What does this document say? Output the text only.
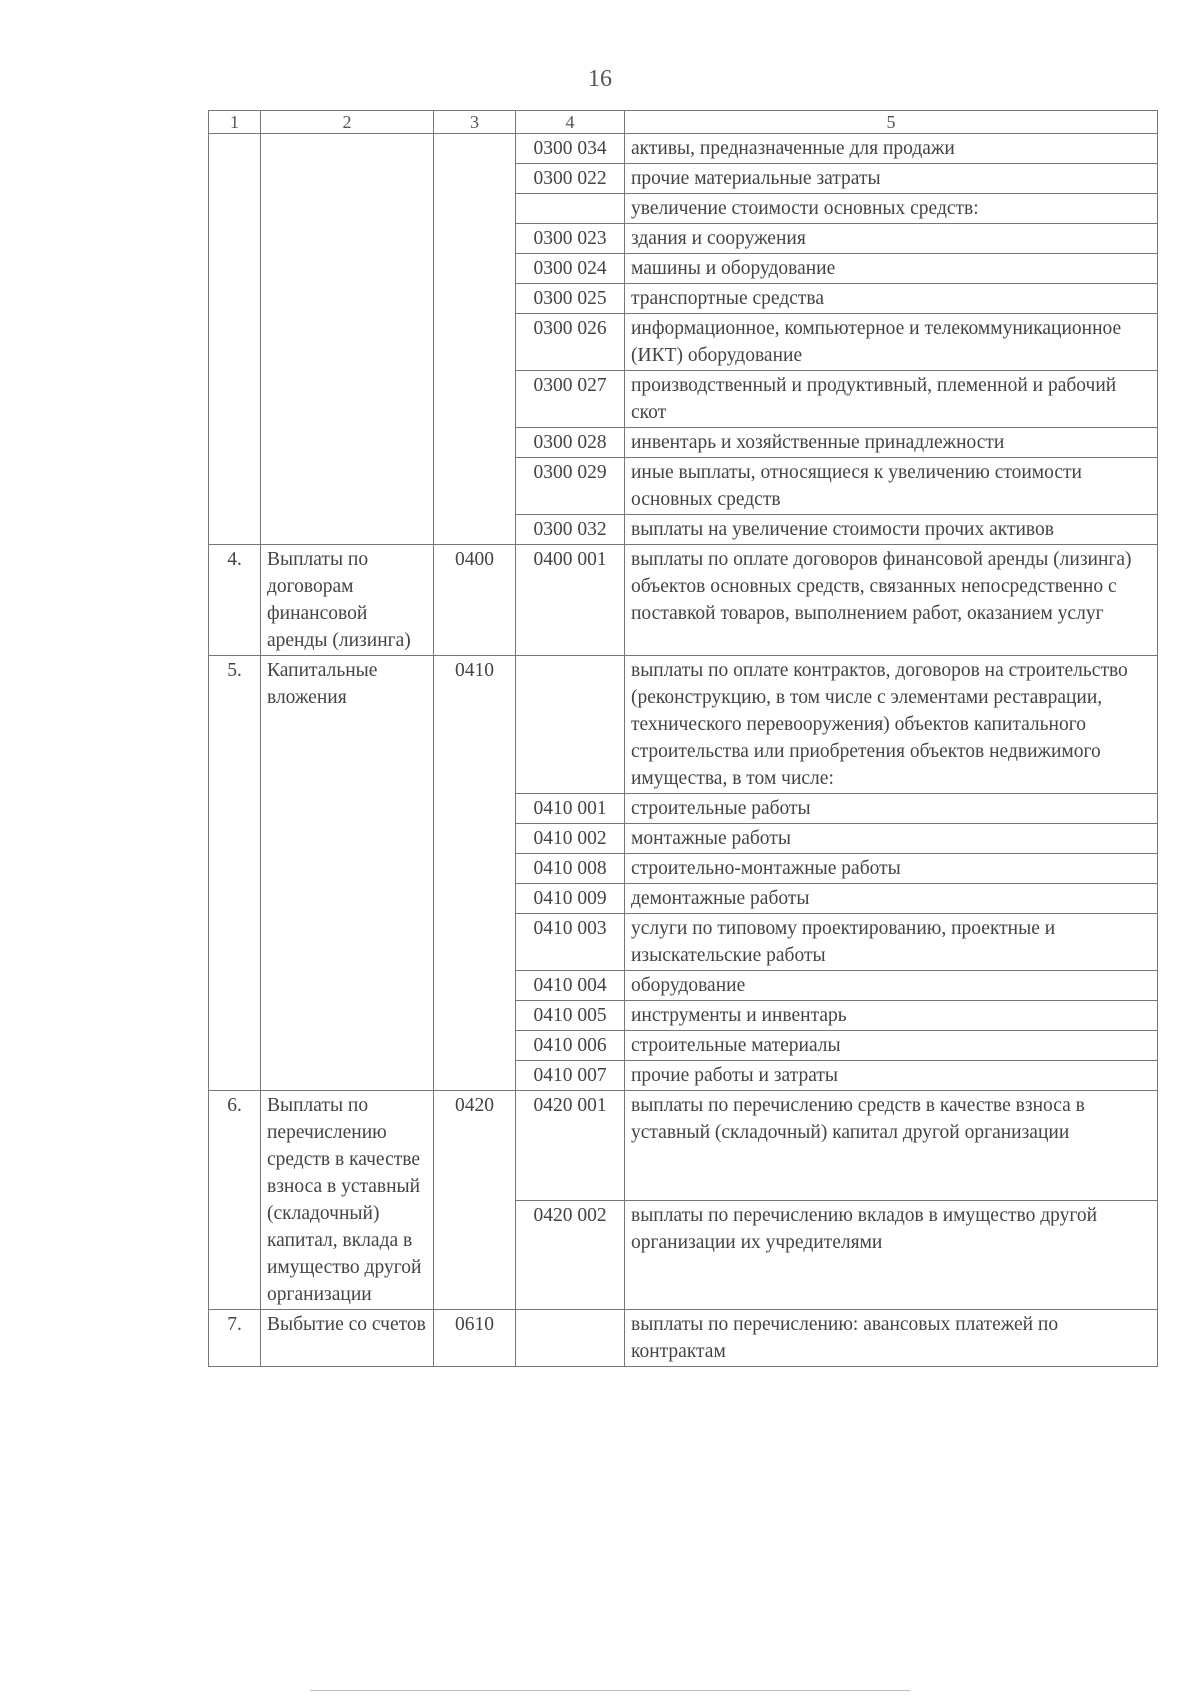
16
1	2	3	4	5
			0300 034	активы, предназначенные для продажи
			0300 022	прочие материальные затраты
				увеличение стоимости основных средств:
			0300 023	здания и сооружения
			0300 024	машины и оборудование
			0300 025	транспортные средства
			0300 026	информационное, компьютерное и телекоммуникационное (ИКТ) оборудование
			0300 027	производственный и продуктивный, племенной и рабочий скот
			0300 028	инвентарь и хозяйственные принадлежности
			0300 029	иные выплаты, относящиеся к увеличению стоимости основных средств
			0300 032	выплаты на увеличение стоимости прочих активов
4.	Выплаты по договорам финансовой аренды (лизинга)	0400	0400 001	выплаты по оплате договоров финансовой аренды (лизинга) объектов основных средств, связанных непосредственно с поставкой товаров, выполнением работ, оказанием услуг
5.	Капитальные вложения	0410		выплаты по оплате контрактов, договоров на строительство (реконструкцию, в том числе с элементами реставрации, технического перевооружения) объектов капитального строительства или приобретения объектов недвижимого имущества, в том числе:
			0410 001	строительные работы
			0410 002	монтажные работы
			0410 008	строительно-монтажные работы
			0410 009	демонтажные работы
			0410 003	услуги по типовому проектированию, проектные и изыскательские работы
			0410 004	оборудование
			0410 005	инструменты и инвентарь
			0410 006	строительные материалы
			0410 007	прочие работы и затраты
6.	Выплаты по перечислению средств в качестве взноса в уставный (складочный) капитал, вклада в имущество другой организации	0420	0420 001	выплаты по перечислению средств в качестве взноса в уставный (складочный) капитал другой организации
			0420 002	выплаты по перечислению вкладов в имущество другой организации их учредителями
7.	Выбытие со счетов	0610		выплаты по перечислению: авансовых платежей по контрактам
